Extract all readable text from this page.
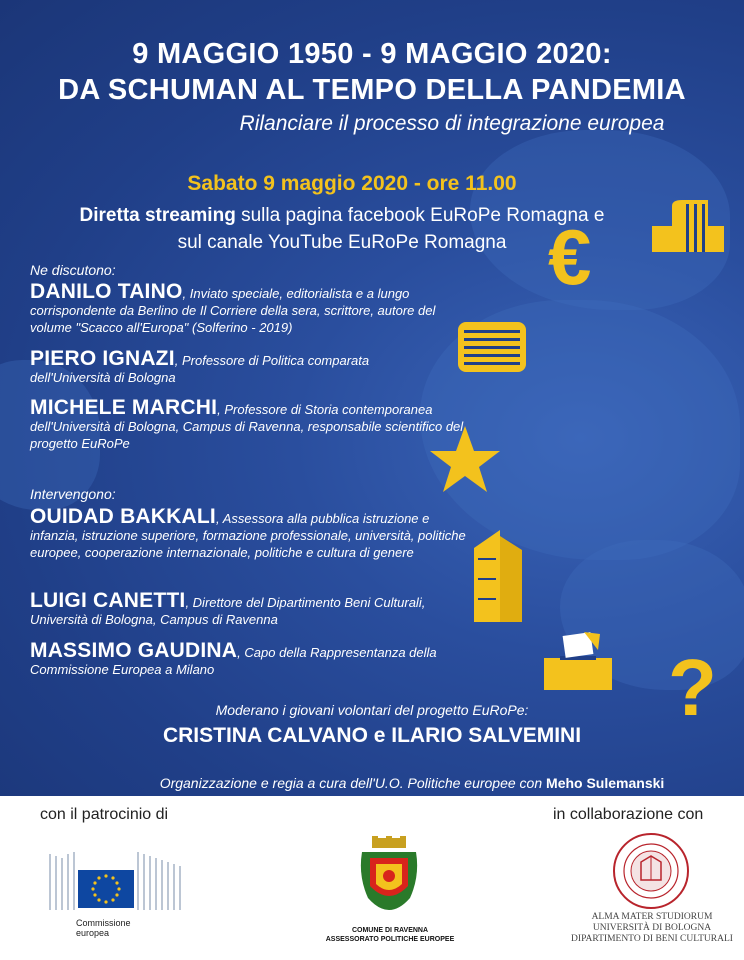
9 MAGGIO 1950 - 9 MAGGIO 2020:
DA SCHUMAN AL TEMPO DELLA PANDEMIA
Rilanciare il processo di integrazione europea
Sabato 9 maggio 2020 - ore 11.00
Diretta streaming sulla pagina facebook EuRoPe Romagna e
sul canale YouTube EuRoPe Romagna
Ne discutono:
DANILO TAINO, Inviato speciale, editorialista e a lungo corrispondente da Berlino de Il Corriere della sera, scrittore, autore del volume "Scacco all'Europa" (Solferino - 2019)
PIERO IGNAZI, Professore di Politica comparata dell'Università di Bologna
MICHELE MARCHI, Professore di Storia contemporanea dell'Università di Bologna, Campus di Ravenna, responsabile scientifico del progetto EuRoPe
Intervengono:
OUIDAD BAKKALI, Assessora alla pubblica istruzione e infanzia, istruzione superiore, formazione professionale, università, politiche europee, cooperazione internazionale, politiche e cultura di genere
LUIGI CANETTI, Direttore del Dipartimento Beni Culturali, Università di Bologna, Campus di Ravenna
MASSIMO GAUDINA, Capo della Rappresentanza della Commissione Europea a Milano
Moderano i giovani volontari del progetto EuRoPe:
CRISTINA CALVANO e ILARIO SALVEMINI
Organizzazione e regia a cura dell'U.O. Politiche europee con Meho Sulemanski
€
?
con il patrocinio di	in collaborazione con
Commissione
europea	COMUNE DI RAVENNA
ASSESSORATO POLITICHE EUROPEE
ALMA MATER STUDIORUM
UNIVERSITÀ DI BOLOGNA
DIPARTIMENTO DI BENI CULTURALI
